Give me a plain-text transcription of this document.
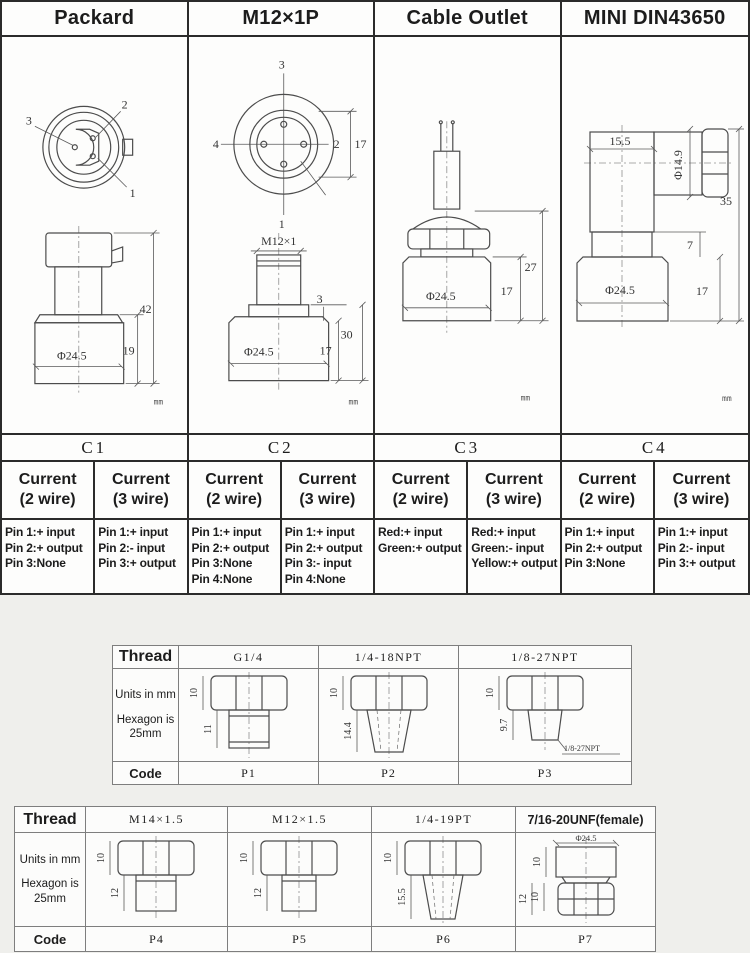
Packard	M12×1P	Cable Outlet	MINI DIN43650
3
2
1
42
19
Φ24.5
mm
3
4	2
1
17
M12×1
3
30
17
Φ24.5
mm
27
17
Φ24.5
mm
15.5
Φ14.9
35
7
Φ24.5	17
mm
C1	C2	C3	C4
Current
(2 wire)
Current
(3 wire)
Current
(2 wire)
Current
(3 wire)
Current
(2 wire)
Current
(3 wire)
Current
(2 wire)
Current
(3 wire)
Pin 1:+ input
Pin 2:+ output
Pin 3:None
Pin 1:+ input
Pin 2:- input
Pin 3:+ output
Pin 1:+ input
Pin 2:+ output
Pin 3:None
Pin 4:None
Pin 1:+ input
Pin 2:+ output
Pin 3:- input
Pin 4:None
Red:+ input
Green:+ output
Red:+ input
Green:- input
Yellow:+ output
Pin 1:+ input
Pin 2:+ output
Pin 3:None
Pin 1:+ input
Pin 2:- input
Pin 3:+ output
Thread	G1/4	1/4-18NPT	1/8-27NPT
Units in mm
Hexagon is
25mm
10
11
10
14.4
10
9.7
1/8-27NPT
Code	P1	P2	P3
Thread	M14×1.5	M12×1.5	1/4-19PT	7/16-20UNF(female)
Units in mm
Hexagon is
25mm
10
12
10
12
10
15.5
Φ24.5
10
12 10
Code	P4	P5	P6	P7
